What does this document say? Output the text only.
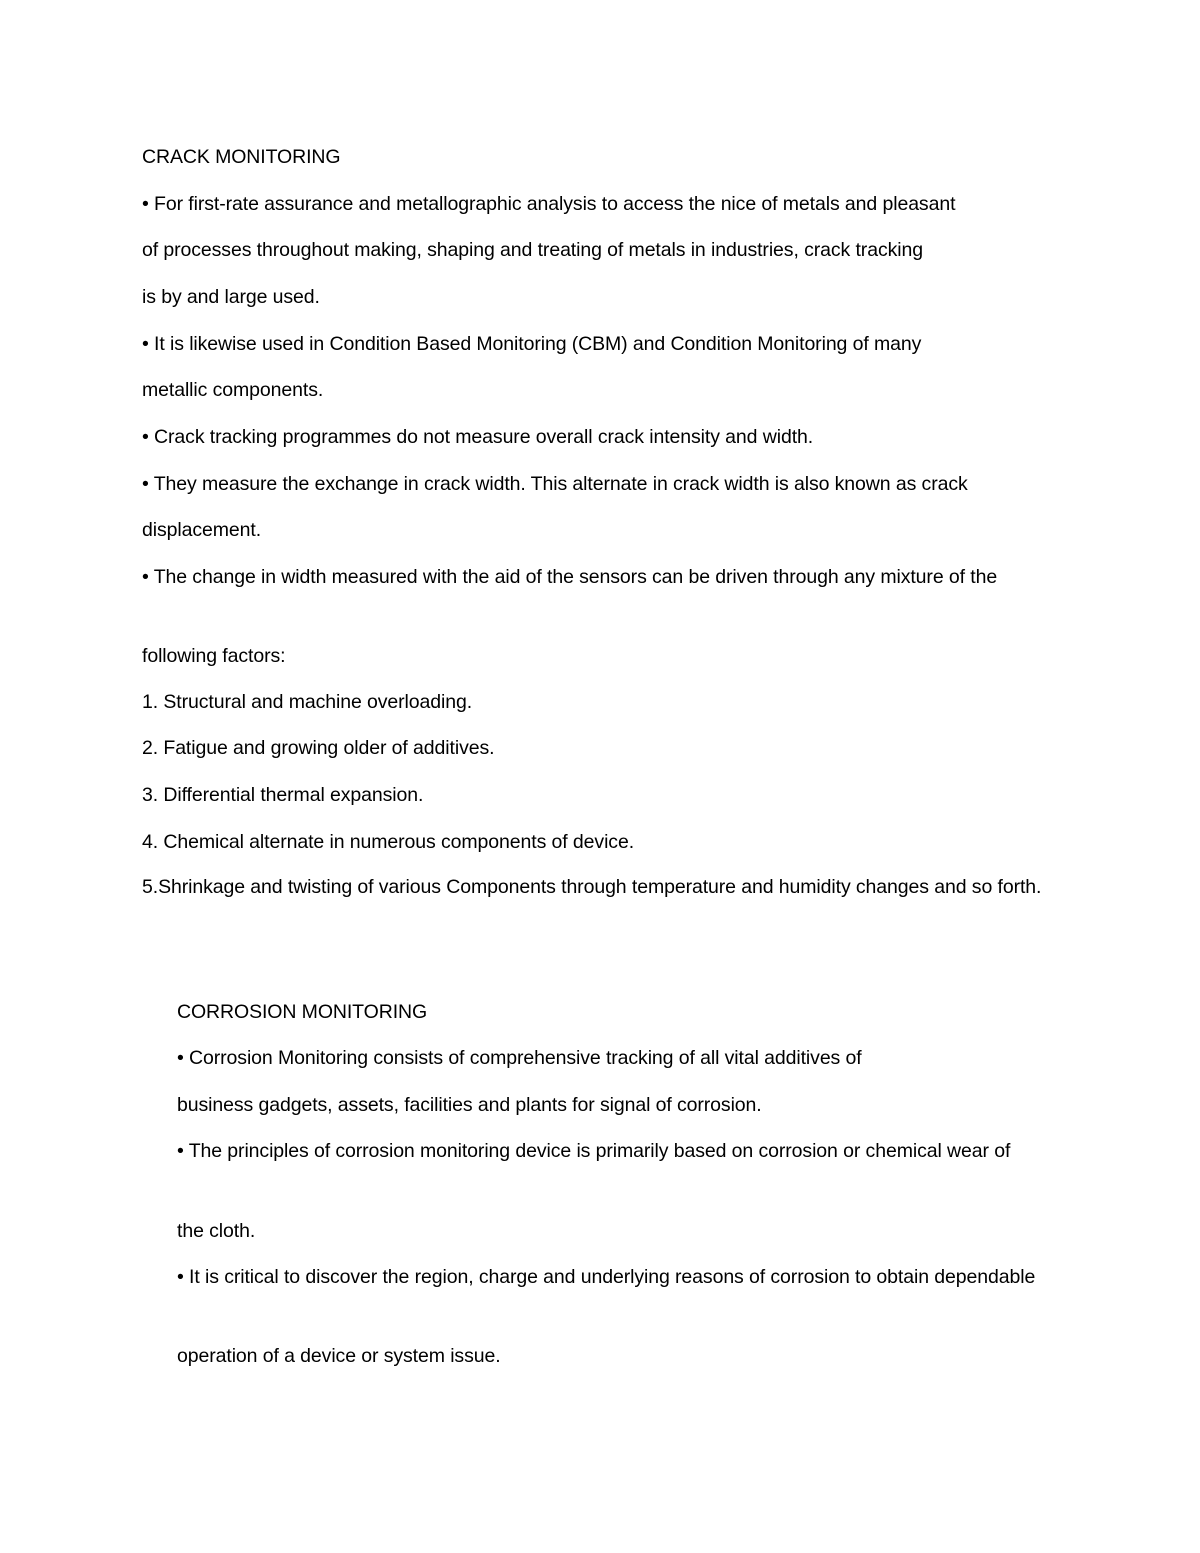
CRACK MONITORING
• For first-rate assurance and metallographic analysis to access the nice of metals and pleasant
of processes throughout making, shaping and treating of metals in industries, crack tracking
is by and large used.
• It is likewise used in Condition Based Monitoring (CBM) and Condition Monitoring of many
metallic components.
• Crack tracking programmes do not measure overall crack intensity and width.
• They measure the exchange in crack width. This alternate in crack width is also known as crack
displacement.
• The change in width measured with the aid of the sensors can be driven through any mixture of the
following factors:
1. Structural and machine overloading.
2. Fatigue and growing older of additives.
3. Differential thermal expansion.
4. Chemical alternate in numerous components of device.
5.Shrinkage and twisting of various Components through temperature and humidity changes and so forth.
CORROSION MONITORING
• Corrosion Monitoring consists of comprehensive tracking of all vital additives of
business gadgets, assets, facilities and plants for signal of corrosion.
• The principles of corrosion monitoring device is primarily based on corrosion or chemical wear of
the cloth.
• It is critical to discover the region, charge and underlying reasons of corrosion to obtain dependable
operation of a device or system issue.
